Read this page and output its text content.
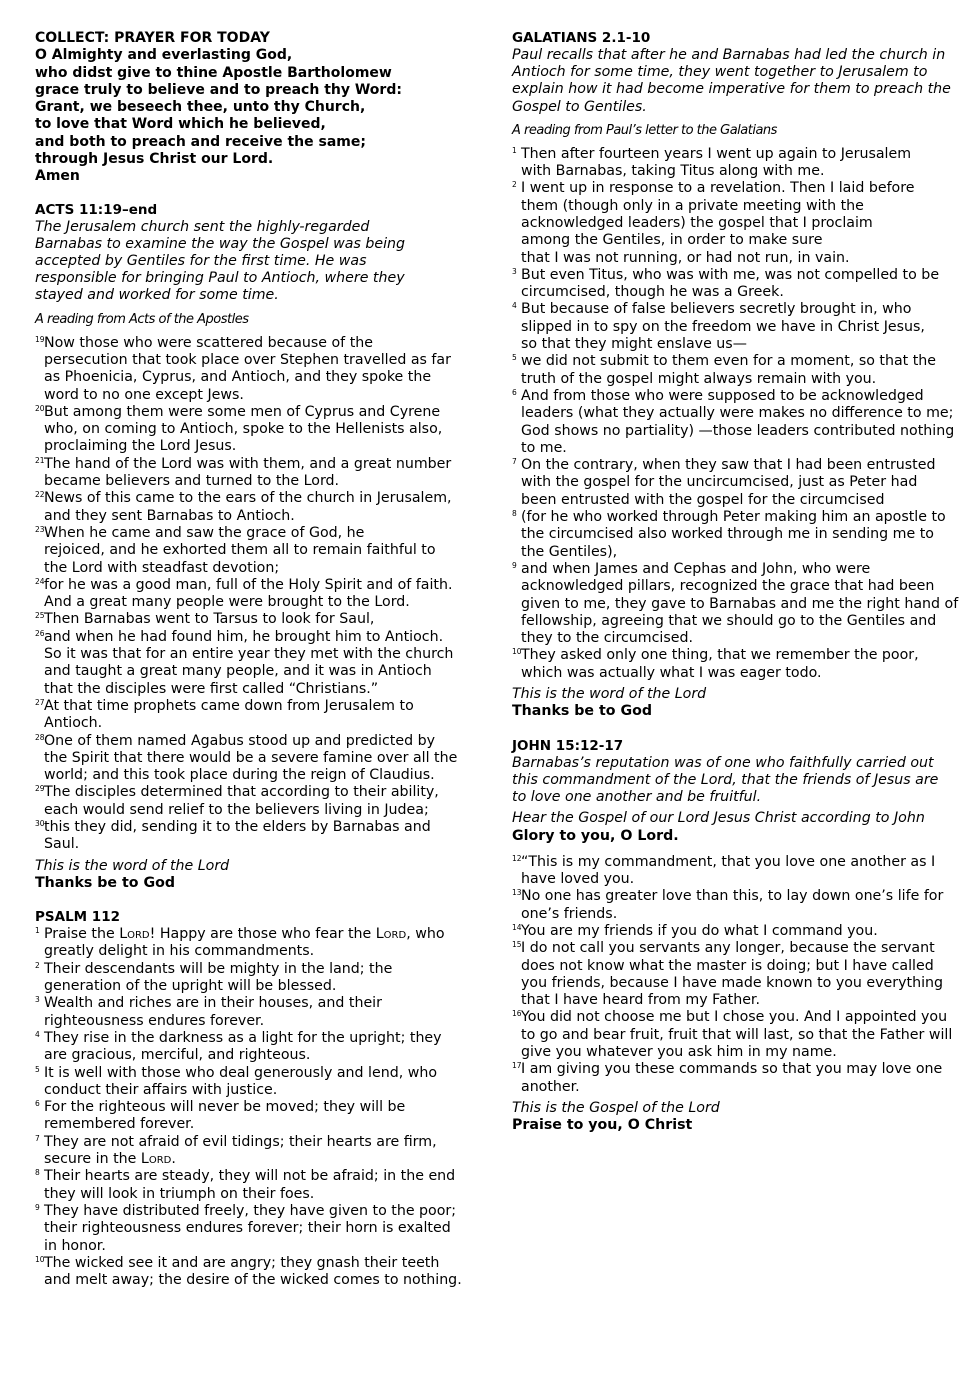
COLLECT: PRAYER FOR TODAY
O Almighty and everlasting God,
who didst give to thine Apostle Bartholomew
grace truly to believe and to preach thy Word:
Grant, we beseech thee, unto thy Church,
to love that Word which he believed,
and both to preach and receive the same;
through Jesus Christ our Lord.
Amen
ACTS 11:19–end
The Jerusalem church sent the highly-regarded
Barnabas to examine the way the Gospel was being
accepted by Gentiles for the first time. He was
responsible for bringing Paul to Antioch, where they
stayed and worked for some time.
A reading from Acts of the Apostles
19Now those who were scattered because of the
persecution that took place over Stephen travelled as far
as Phoenicia, Cyprus, and Antioch, and they spoke the
word to no one except Jews.
20But among them were some men of Cyprus and Cyrene
who, on coming to Antioch, spoke to the Hellenists also,
proclaiming the Lord Jesus.
21The hand of the Lord was with them, and a great number
became believers and turned to the Lord.
22News of this came to the ears of the church in Jerusalem,
and they sent Barnabas to Antioch.
23When he came and saw the grace of God, he
rejoiced, and he exhorted them all to remain faithful to
the Lord with steadfast devotion;
24for he was a good man, full of the Holy Spirit and of faith.
And a great many people were brought to the Lord.
25Then Barnabas went to Tarsus to look for Saul,
26and when he had found him, he brought him to Antioch.
So it was that for an entire year they met with the church
and taught a great many people, and it was in Antioch
that the disciples were first called “Christians.”
27At that time prophets came down from Jerusalem to
Antioch.
28One of them named Agabus stood up and predicted by
the Spirit that there would be a severe famine over all the
world; and this took place during the reign of Claudius.
29The disciples determined that according to their ability,
each would send relief to the believers living in Judea;
30this they did, sending it to the elders by Barnabas and
Saul.
This is the word of the Lord
Thanks be to God
PSALM 112
1 Praise the Lord! Happy are those who fear the Lord, who
greatly delight in his commandments.
2 Their descendants will be mighty in the land; the
generation of the upright will be blessed.
3 Wealth and riches are in their houses, and their
righteousness endures forever.
4 They rise in the darkness as a light for the upright; they
are gracious, merciful, and righteous.
5 It is well with those who deal generously and lend, who
conduct their affairs with justice.
6 For the righteous will never be moved; they will be
remembered forever.
7 They are not afraid of evil tidings; their hearts are firm,
secure in the Lord.
8 Their hearts are steady, they will not be afraid; in the end
they will look in triumph on their foes.
9 They have distributed freely, they have given to the poor;
their righteousness endures forever; their horn is exalted
in honor.
10The wicked see it and are angry; they gnash their teeth
and melt away; the desire of the wicked comes to nothing.
GALATIANS 2.1-10
Paul recalls that after he and Barnabas had led the church in
Antioch for some time, they went together to Jerusalem to
explain how it had become imperative for them to preach the
Gospel to Gentiles.
A reading from Paul’s letter to the Galatians
1 Then after fourteen years I went up again to Jerusalem
with Barnabas, taking Titus along with me.
2 I went up in response to a revelation. Then I laid before
them (though only in a private meeting with the
acknowledged leaders) the gospel that I proclaim
among the Gentiles, in order to make sure
that I was not running, or had not run, in vain.
3 But even Titus, who was with me, was not compelled to be
circumcised, though he was a Greek.
4 But because of false believers secretly brought in, who
slipped in to spy on the freedom we have in Christ Jesus,
so that they might enslave us—
5 we did not submit to them even for a moment, so that the
truth of the gospel might always remain with you.
6 And from those who were supposed to be acknowledged
leaders (what they actually were makes no difference to me;
God shows no partiality) —those leaders contributed nothing
to me.
7 On the contrary, when they saw that I had been entrusted
with the gospel for the uncircumcised, just as Peter had
been entrusted with the gospel for the circumcised
8 (for he who worked through Peter making him an apostle to
the circumcised also worked through me in sending me to
the Gentiles),
9 and when James and Cephas and John, who were
acknowledged pillars, recognized the grace that had been
given to me, they gave to Barnabas and me the right hand of
fellowship, agreeing that we should go to the Gentiles and
they to the circumcised.
10They asked only one thing, that we remember the poor,
which was actually what I was eager todo.
This is the word of the Lord
Thanks be to God
JOHN 15:12-17
Barnabas’s reputation was of one who faithfully carried out
this commandment of the Lord, that the friends of Jesus are
to love one another and be fruitful.
Hear the Gospel of our Lord Jesus Christ according to John
Glory to you, O Lord.
12“This is my commandment, that you love one another as I
have loved you.
13No one has greater love than this, to lay down one’s life for
one’s friends.
14You are my friends if you do what I command you.
15I do not call you servants any longer, because the servant
does not know what the master is doing; but I have called
you friends, because I have made known to you everything
that I have heard from my Father.
16You did not choose me but I chose you. And I appointed you
to go and bear fruit, fruit that will last, so that the Father will
give you whatever you ask him in my name.
17I am giving you these commands so that you may love one
another.
This is the Gospel of the Lord
Praise to you, O Christ
